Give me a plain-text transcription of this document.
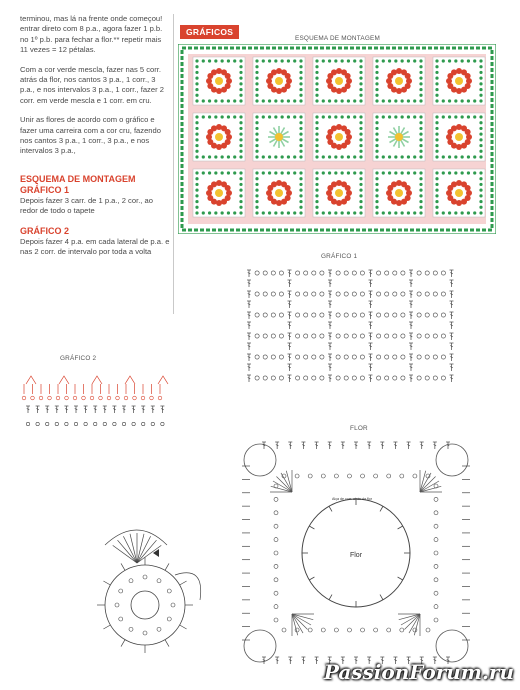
terminou, mas lá na frente onde começou! entrar direto com 8 p.a., agora fazer 1 p.b. no 1º p.b. para fechar a flor.** repetir mais 11 vezes = 12 pétalas.

Com a cor verde mescla, fazer nas 5 corr. atrás da flor, nos cantos 3 p.a., 1 corr., 3 p.a., e nos intervalos 3 p.a., 1 corr., fazer 2 corr. em verde mescla e 1 corr. em cru.

Unir as flores de acordo com o gráfico e fazer uma carreira com a cor cru, fazendo nos cantos 3 p.a., 1 corr., 3 p.a., e nos intervalos 3 p.a.,

ESQUEMA DE MONTAGEM
GRÁFICO 1

Depois fazer 3 carr. de 1 p.a., 2 cor., ao redor de todo o tapete

GRÁFICO 2

Depois fazer 4 p.a. em cada lateral de p.a. e nas 2 corr. de intervalo por toda a volta

GRÁFICOS
ESQUEMA DE MONTAGEM
GRÁFICO 1
GRÁFICO 2
FLOR
Flor
Alça de corr. atrás da flor
PassionForum.ru
